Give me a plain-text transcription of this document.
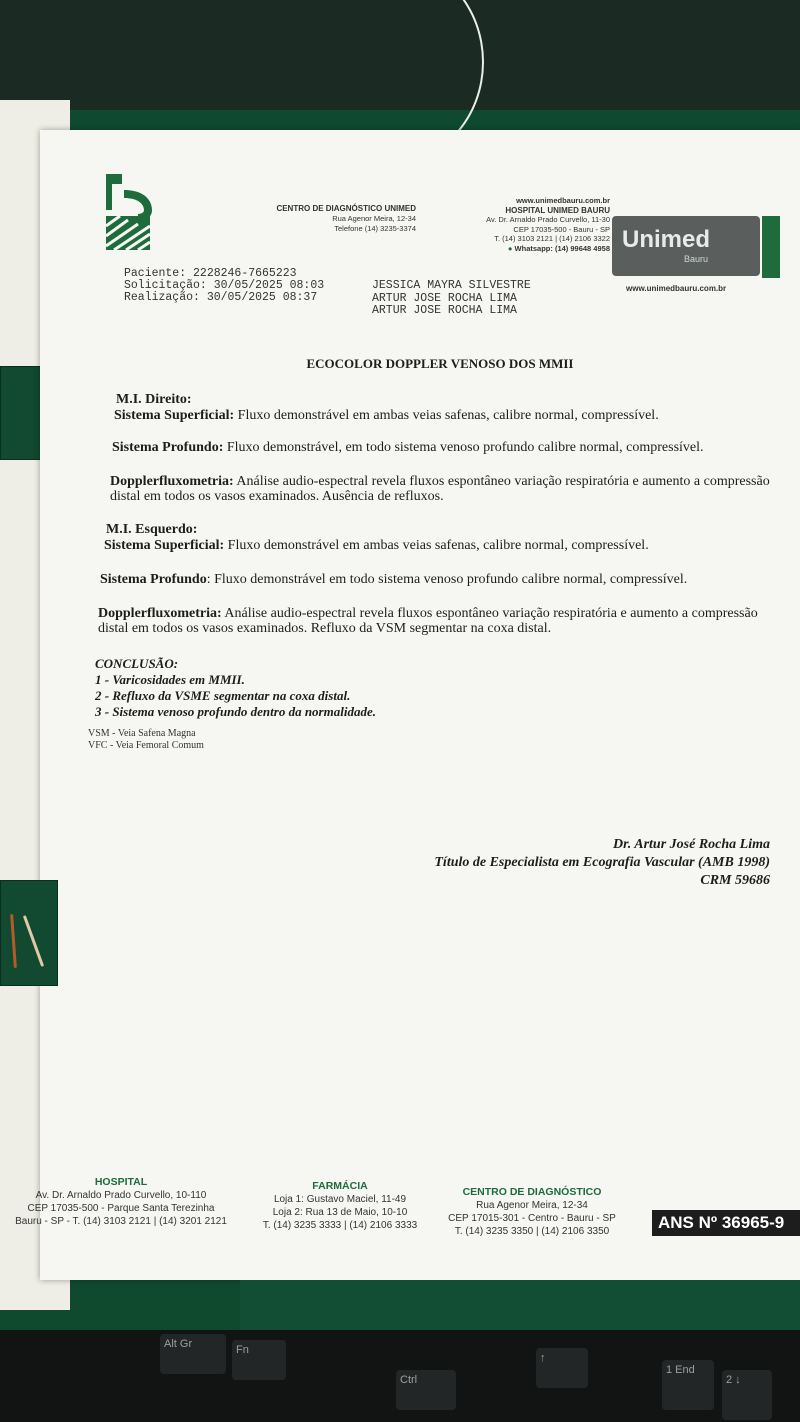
CENTRO DE DIAGNÓSTICO UNIMED
Rua Agenor Meira, 12-34
Telefone (14) 3235-3374
www.unimedbauru.com.br
HOSPITAL UNIMED BAURU
Av. Dr. Arnaldo Prado Curvello, 11-30
CEP 17035-500 - Bauru - SP
T. (14) 3103 2121 | (14) 2106 3322
● Whatsapp: (14) 99648 4958 Unimed
Bauru
www.unimedbauru.com.br
Paciente: 2228246-7665223
Solicitação: 30/05/2025 08:03
Realização: 30/05/2025 08:37
JESSICA MAYRA SILVESTRE
ARTUR JOSE ROCHA LIMA
ARTUR JOSE ROCHA LIMA
ECOCOLOR DOPPLER VENOSO DOS MMII
M.I. Direito:
Sistema Superficial: Fluxo demonstrável em ambas veias safenas, calibre normal, compressível.
Sistema Profundo: Fluxo demonstrável, em todo sistema venoso profundo calibre normal, compressível.
Dopplerfluxometria: Análise audio-espectral revela fluxos espontâneo variação respiratória e aumento a compressão distal em todos os vasos examinados. Ausência de refluxos.
M.I. Esquerdo:
Sistema Superficial: Fluxo demonstrável em ambas veias safenas, calibre normal, compressível.
Sistema Profundo: Fluxo demonstrável em todo sistema venoso profundo calibre normal, compressível.
Dopplerfluxometria: Análise audio-espectral revela fluxos espontâneo variação respiratória e aumento a compressão distal em todos os vasos examinados. Refluxo da VSM segmentar na coxa distal.
CONCLUSÃO:
1 - Varicosidades em MMII.
2 - Refluxo da VSME segmentar na coxa distal.
3 - Sistema venoso profundo dentro da normalidade.
VSM - Veia Safena Magna
VFC - Veia Femoral Comum
Dr. Artur José Rocha Lima
Título de Especialista em Ecografia Vascular (AMB 1998)
CRM 59686
HOSPITAL
Av. Dr. Arnaldo Prado Curvello, 10-110
CEP 17035-500 - Parque Santa Terezinha
Bauru - SP - T. (14) 3103 2121 | (14) 3201 2121
FARMÁCIA
Loja 1: Gustavo Maciel, 11-49
Loja 2: Rua 13 de Maio, 10-10
T. (14) 3235 3333 | (14) 2106 3333
CENTRO DE DIAGNÓSTICO
Rua Agenor Meira, 12-34
CEP 17015-301 - Centro - Bauru - SP
T. (14) 3235 3350 | (14) 2106 3350	ANS Nº 36965-9
Alt Gr	Fn
Ctrl
↑
1 End
2 ↓
